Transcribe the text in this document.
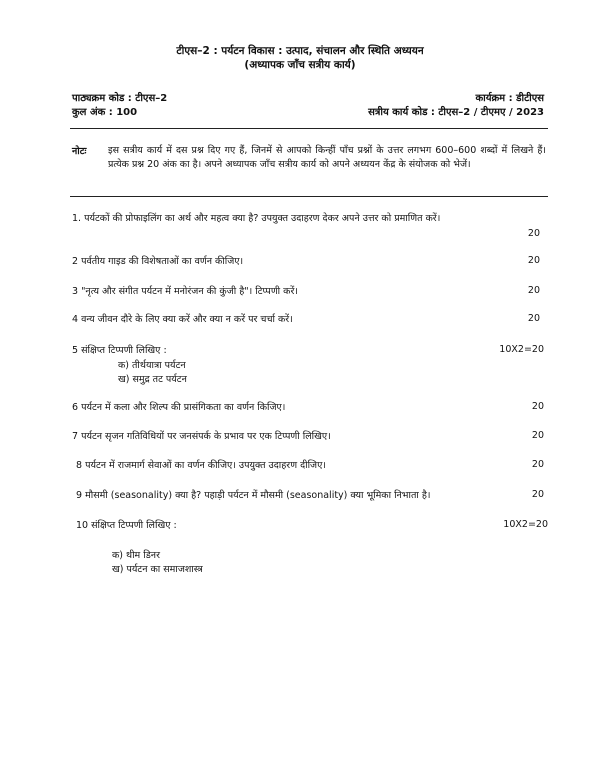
टीएस–2 : पर्यटन विकास : उत्पाद, संचालन और स्थिति अध्ययन
(अध्यापक जाँच सत्रीय कार्य)
पाठ्यक्रम कोड : टीएस–2	कार्यक्रम : डीटीएस
कुल अंक : 100	सत्रीय कार्य कोड : टीएस–2 / टीएमए / 2023
नोटः इस सत्रीय कार्य में दस प्रश्न दिए गए हैं, जिनमें से आपको किन्हीं पाँच प्रश्नों के उत्तर लगभग 600–600 शब्दों में लिखने हैं। प्रत्येक प्रश्न 20 अंक का है। अपने अध्यापक जाँच सत्रीय कार्य को अपने अध्ययन केंद्र के संयोजक को भेजें।
1. पर्यटकों की प्रोफाइलिंग का अर्थ और महत्व क्या है? उपयुक्त उदाहरण देकर अपने उत्तर को प्रमाणित करें।
20
2 पर्वतीय गाइड की विशेषताओं का वर्णन कीजिए।	20
3 "नृत्य और संगीत पर्यटन में मनोरंजन की कुंजी है"। टिप्पणी करें।	20
4 वन्य जीवन दौरे के लिए क्या करें और क्या न करें पर चर्चा करें।	20
5 संक्षिप्त टिप्पणी लिखिए :	10X2=20
क) तीर्थयात्रा पर्यटन
ख) समुद्र तट पर्यटन
6 पर्यटन में कला और शिल्प की प्रासंगिकता का वर्णन किजिए।	20
7 पर्यटन सृजन गतिविधियों पर जनसंपर्क के प्रभाव पर एक टिप्पणी लिखिए।	20
8 पर्यटन में राजमार्ग सेवाओं का वर्णन कीजिए। उपयुक्त उदाहरण दीजिए।	20
9 मौसमी (seasonality) क्या है? पहाड़ी पर्यटन में मौसमी (seasonality) क्या भूमिका निभाता है।	20
10 संक्षिप्त टिप्पणी लिखिए :	10X2=20
क) थीम डिनर
ख) पर्यटन का समाजशास्त्र
